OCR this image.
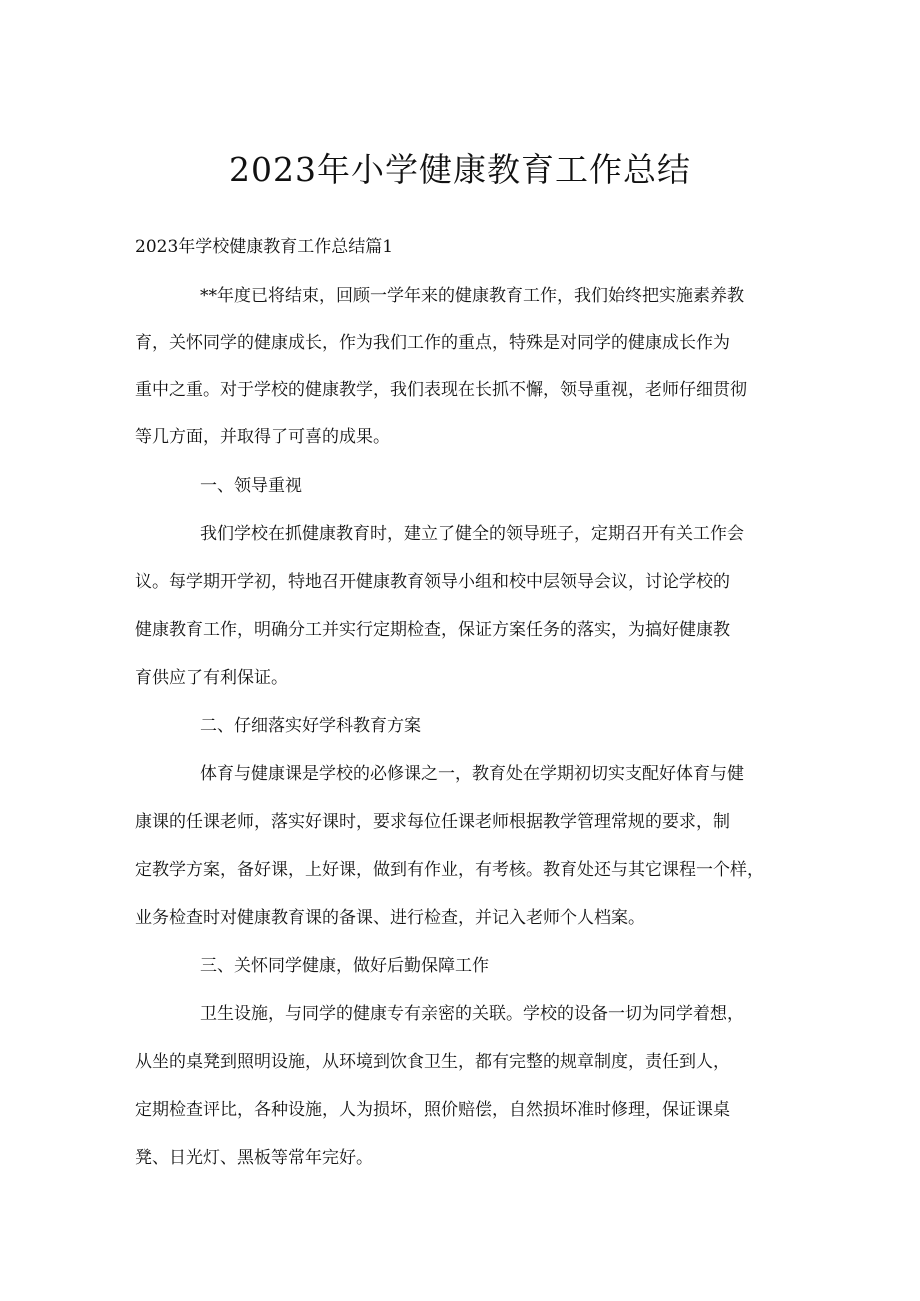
2023年小学健康教育工作总结

2023年学校健康教育工作总结篇1

**年度已将结束，回顾一学年来的健康教育工作，我们始终把实施素养教

育，关怀同学的健康成长，作为我们工作的重点，特殊是对同学的健康成长作为

重中之重。对于学校的健康教学，我们表现在长抓不懈，领导重视，老师仔细贯彻

等几方面，并取得了可喜的成果。

一、领导重视

我们学校在抓健康教育时，建立了健全的领导班子，定期召开有关工作会

议。每学期开学初，特地召开健康教育领导小组和校中层领导会议，讨论学校的

健康教育工作，明确分工并实行定期检查，保证方案任务的落实，为搞好健康教

育供应了有利保证。

二、仔细落实好学科教育方案

体育与健康课是学校的必修课之一，教育处在学期初切实支配好体育与健

康课的任课老师，落实好课时，要求每位任课老师根据教学管理常规的要求，制

定教学方案，备好课，上好课，做到有作业，有考核。教育处还与其它课程一个样，

业务检查时对健康教育课的备课、进行检查，并记入老师个人档案。

三、关怀同学健康，做好后勤保障工作

卫生设施，与同学的健康专有亲密的关联。学校的设备一切为同学着想，

从坐的桌凳到照明设施，从环境到饮食卫生，都有完整的规章制度，责任到人，

定期检查评比，各种设施，人为损坏，照价赔偿，自然损坏准时修理，保证课桌

凳、日光灯、黑板等常年完好。
